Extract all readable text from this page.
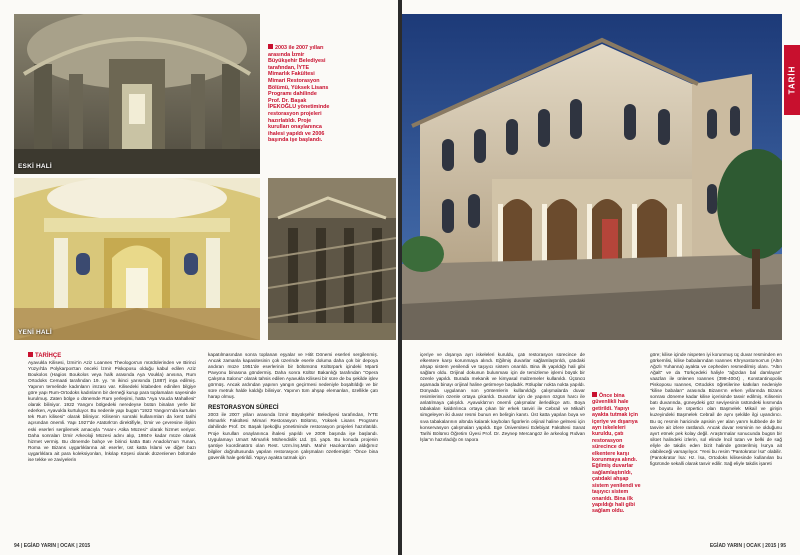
ESKİ HALİ
2003 ile 2007 yılları arasında İzmir Büyükşehir Belediyesi tarafından, İYTE Mimarlık Fakültesi Mimari Restorasyon Bölümü, Yüksek Lisans Programı dahilinde Prof. Dr. Başak İPEKOĞLU yönetiminde restorasyon projeleri hazırlatıldı. Proje kurulları onaylanınca ihalesi yapıldı ve 2006 başında işe başlandı.
YENİ HALİ
TARİHÇE

Ayavukla Kilisesi, İzmir'in Aziz Loannes Theologos'un mürdülerinden ve Birinci Yüzyıl'da Polykarpos'tan önceki İzmir Piskoposu olduğu kabul edilen Aziz Boukolos (Hagios Boukolos veya halk arasında Aya Voukla) anısına, Rum Ortodoks Cemaati tarafından 19. yy. 'ın ikinci yarısında (1887) inşa edilmiş. Yapının temelinde kadınların imzası var. Kilisedeki kitabeden edinilen bilgiye göre yapı Rum-Ortodoks kadınların bir derneği kurup para toplamaları sayesinde kurulmuş. Zaten bölge o dönemde Rum yerleşimi, hatta "Aya Voucla Mahallesi" olarak biliniyor. 1922 Yangını bölgedeki neredeyse bütün binaları yerle bir ederken, Ayavukla kurtuluyor. Bu nedenle yapı bugün "1922 Yangını'nda kurtulan tek Rum kilisesi" olarak biliniyor. Kilisenin sonraki kullanımları da kent tarihi açısından önemli. Yapı 1927'de Atatürk'ün direktifiyle, İzmir ve çevresine ilişkin eski eserleri sergilemek amacıyla "Asar-ı Atika Müzesi" olarak hizmet veriyor. Daha sonraları İzmir Arkeoloji Müzesi adını alıp, 1984'e kadar müze olarak hizmet vermiş. Bu dönemde bahçe ve birinci katta Batı Anadolu'nun Yunan, Roma ve Bizans uygarlıklarına ait eserler, üst katta İslami ve diğer bazı uygarlıklara ait para koleksiyonları, İnkılap Köşesi olarak düzenlenen bölümde ise tekke ve zaviyelerin

kapatılmasından sonra toplanan eşyalar ve Hitit Dönemi eserleri sergilenmiş. Ancak zamanla kapasitesinin çok üzerinde eserle doluma daha çok bir depoya andıran müze 1951'de eserlerinin bir bölümünü Kültürpark içindeki Mparti Pavyonu binasına göndermiş. Daha sonra Kültür Bakanlığı tarafından "Opera Çalışma Salonu" olarak tahsis edilen Ayavukla Kilisesi bir süre de bu şekilde işlev görmüş. Ancak ardından yapının yangın geçirmesi nedeniyle boşaltıldığı ve bir süre metruk halde kaldığı biliniyor. Yapının tüm ahşap elemanları, özellikle çatı harap olmuş.

RESTORASYON SÜRECİ

2003 ile 2007 yılları arasında İzmir Büyükşehir Belediyesi tarafından, İYTE Mimarlık Fakültesi Mimari Restorasyon Bölümü, Yüksek Lisans Programı dahilinde Prof. Dr. Başak İpekoğlu yönetiminde restorasyon projeleri hazırlatıldı. Proje kurulları onaylanınca ihalesi yapıldı ve 2009 başında işe başlandı. Uygulamayı Umart Mimarlık Mühendislik Ltd. Şti. yaptı. Bu konuda projenin şantiye koordinatörü olan Rest. Uzm.İnş.Müh. Mahir Hacıkan'dan aldığımız bilgiler doğrultusunda yapılan restorasyon çalışmaları özetlemiştir: "Önce bina güvenlik hale getirildi. Yapıyı ayakta tutmak için

94 | EGİAD YARIN | OCAK | 2015
TARİH

içeriye ve dışarıya ayrı iskeleleri kuruldu, çatı restorasyon sürecince de elkentere karşı korunmaya alındı. Eğilmiş duvarlar sağlamlaştırıldı, çatıdaki ahşap sistem yenilendi ve taşıyıcı sistem onarıldı. Bina ilk yapıldığı hali gibi sağlam oldu. Orijinal dokunun bulunması için de temizleme işlemi büyük bir özenle yapıldı. Burada mekanik ve kimyasal malzemeler kullanıldı. Üçüncü aşamada binayı orijinal haline getirmeye başladık. Röluplar nokta nokta yapıldı. Dünyada uygulanan son yöntemlerin kullanıldığı çalışmalarda duvar resimlerinin özenle ortaya çıkarıldı. Duvarlar için de yapının özgün harcı ile anlatılmaya çalışıldı. Ayavukla'nın önemli çalışmalar ilerledikçe artı. Boya tabakaları kaldırılınca ortaya çıkan bir erkek tasviri ile Cebrail ve Mikail'i simgeleyen iki duvar resmi bunun en belirgin kanıtı. Üst katta yapılan boya ve sıva tabakalarının altında kalarak kaybolan figürlerin orijinal haline gelmesi için konservasyon çalışmaları yapıldı. Ege Üniversitesi Edebiyat Fakültesi Sanat Tarihi Bölümü Öğretim Üyesi Prof. Dr. Zeynep Mercangöz ile arkeolog Rıdvan İşlar'ın hazırladığı ön rapora

Önce bina güvenlikli hale getirildi. Yapıyı ayakta tutmak için içeriye ve dışarıya ayrı iskeleleri kuruldu, çatı restorasyon sürecince de elkentere karşı korunmaya alındı. Eğilmiş duvarlar sağlamlaştırıldı, çatıdaki ahşap sistem yenilendi ve taşıyıcı sistem onarıldı. Bina ilk yapıldığı hali gibi sağlam oldu.

göre; kilise içinde nispeten iyi korunmuş üç duvar resminden en görkemlisi, kilise babalarından Ioannes Khrysostomos'un (Altın Ağızlı Yuhanna) ayakta ve cepheden resmedilmiş olanı. "Altın Ağalt" ve da Türkçedeki haliyle "ağızdan bal damlayan" vaazları ile ünlenen Ioannes (398-4004) , Konstantinopolis Piskoposu Ioannes, Ortodoks öğretilerine katkıları nedeniyle "kilise babaları" arasında Bizans'ın erken yıllarında Bizans sonrası döneme kadar kilise içerisinde tasvir edilmiş. Kilisenin batı duvarında, güneydeki göz seviyesinin üstündeki kısmında ve boyutu ile ürperticı olan Başmelek Mikail ve girişin kuzeyindeki Başmelek Cebrail de aynı şekilde ilgi uyandırıcı. Bu üç resmin haricinde apsisin yer alan yarım kubbede de bir tasvire ait izlere rastlandı. Ancak duvar resminin ne olduğunu ayırt etmek pek kolay değil. Araştırmalar sonucunda bugün bir silüet halindeki izlerin, sol elinde İncil tutan ve belki de sağ eliyle de takdis eden bizit halinde gösterilmiş İsa'ya ait olabileceği varsayılıyor. "Yeni bu resim "Pantokrator İsa" olabilir. (Pantokrator İsa: Hz. İsa, Ortodoks kilisesinde kullanılan bu figüründe sekalli olarak tasvir edilir. Sağ eliyle takdis işareti

EGİAD YARIN | OCAK | 2015 | 95
